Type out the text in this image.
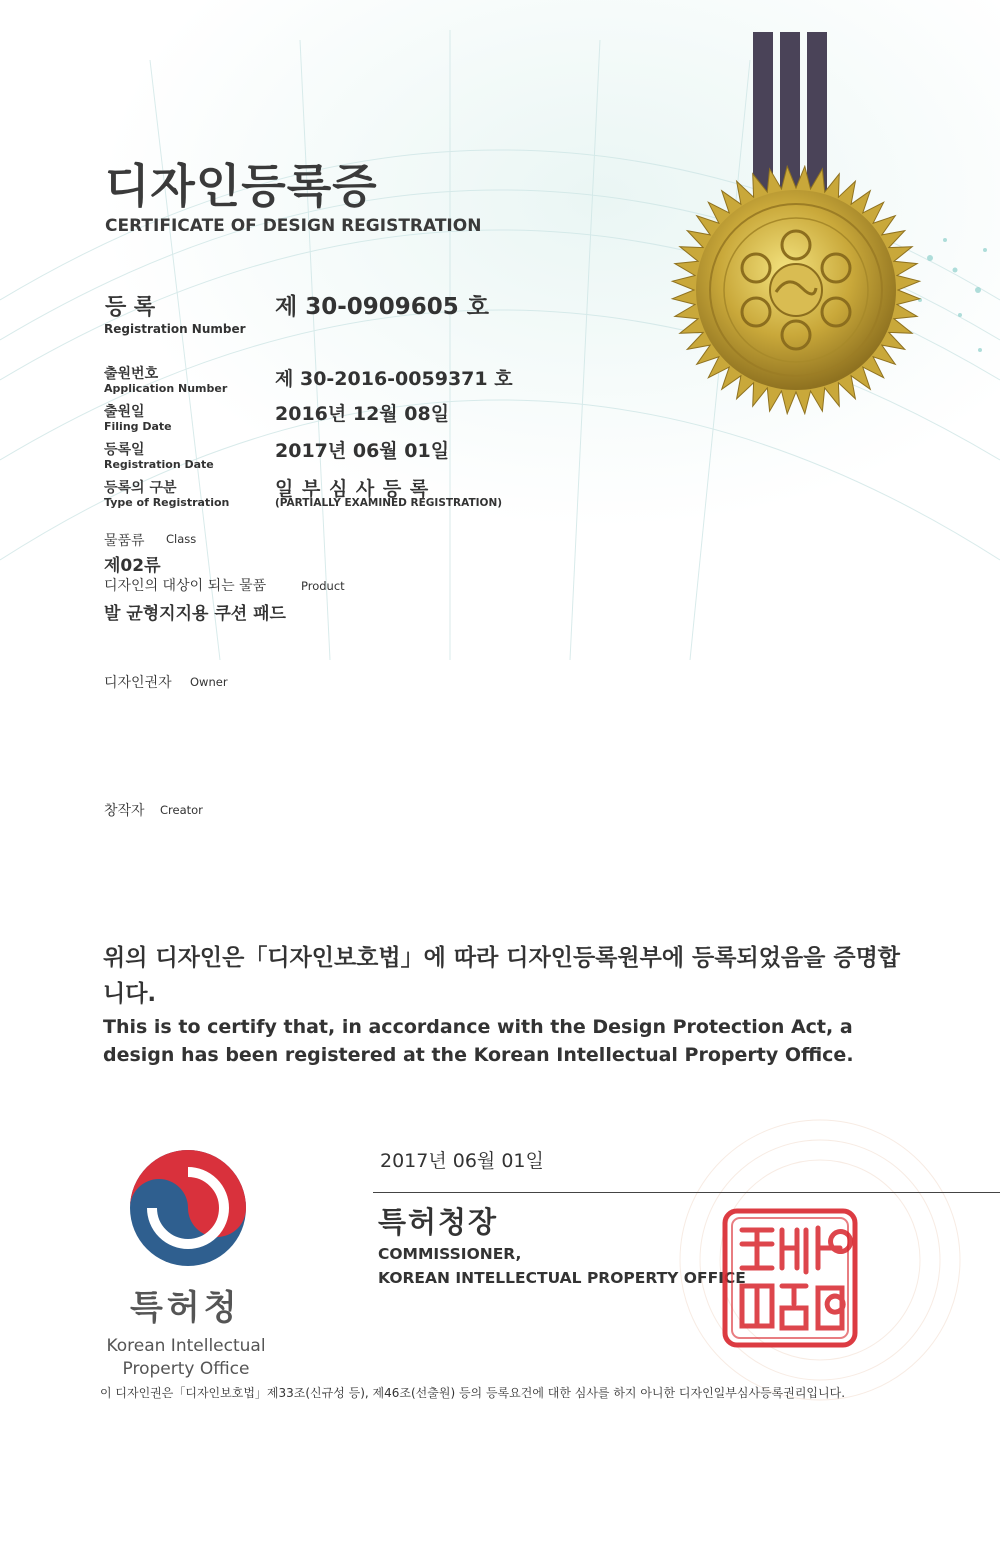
디자인등록증
CERTIFICATE OF DESIGN REGISTRATION
등 록
Registration Number
제 30-0909605 호
출원번호
Application Number	제 30-2016-0059371 호
출원일
Filing Date
2016년 12월 08일
등록일
Registration Date
2017년 06월 01일
등록의 구분
Type of Registration
일 부 심 사 등 록
(PARTIALLY EXAMINED REGISTRATION)
물품류 Class
제02류
디자인의 대상이 되는 물품	Product
발 균형지지용 쿠션 패드
디자인권자 Owner
창작자 Creator
위의 디자인은「디자인보호법」에 따라 디자인등록원부에 등록되었음을 증명합니다.
This is to certify that, in accordance with the Design Protection Act, a design has been registered at the Korean Intellectual Property Office.
2017년 06월 01일
특허청장
COMMISSIONER,
KOREAN INTELLECTUAL PROPERTY OFFICE
특허청
Korean Intellectual Property Office
이 디자인권은「디자인보호법」제33조(신규성 등), 제46조(선출원) 등의 등록요건에 대한 심사를 하지 아니한 디자인일부심사등록권리입니다.
